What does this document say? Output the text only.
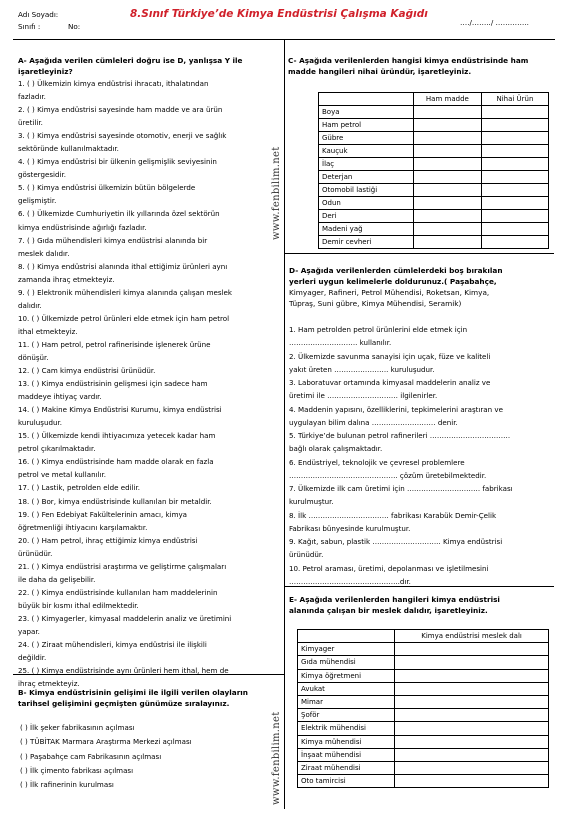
Adı Soyadı:
Sınıfı :	No:
8.Sınıf Türkiye’de Kimya Endüstrisi Çalışma Kağıdı
…./……../ …………..
www.fenbilim.net
www.fenbilim.net
A- Aşağıda verilen cümleleri doğru ise D, yanlışsa Y ile
işaretleyiniz?
1. ( ) Ülkemizin kimya endüstrisi ihracatı, ithalatından
fazladır.
2. ( ) Kimya endüstrisi sayesinde ham madde ve ara ürün
üretilir.
3. ( ) Kimya endüstrisi sayesinde otomotiv, enerji ve sağlık
sektöründe kullanılmaktadır.
4. ( ) Kimya endüstrisi bir ülkenin gelişmişlik seviyesinin
göstergesidir.
5. ( ) Kimya endüstrisi ülkemizin bütün bölgelerde
gelişmiştir.
6. ( ) Ülkemizde Cumhuriyetin ilk yıllarında özel sektörün
kimya endüstrisinde ağırlığı fazladır.
7. ( ) Gıda mühendisleri kimya endüstrisi alanında bir
meslek dalıdır.
8. ( ) Kimya endüstrisi alanında ithal ettiğimiz ürünleri aynı
zamanda ihraç etmekteyiz.
9. ( ) Elektronik mühendisleri kimya alanında çalışan meslek
dalıdır.
10. ( ) Ülkemizde petrol ürünleri elde etmek için ham petrol
ithal etmekteyiz.
11. ( ) Ham petrol, petrol rafinerisinde işlenerek ürüne
dönüşür.
12. ( ) Cam kimya endüstrisi ürünüdür.
13. ( ) Kimya endüstrisinin gelişmesi için sadece ham
maddeye ihtiyaç vardır.
14. ( ) Makine Kimya Endüstrisi Kurumu, kimya endüstrisi
kuruluşudur.
15. ( ) Ülkemizde kendi ihtiyacımıza yetecek kadar ham
petrol çıkarılmaktadır.
16. ( ) Kimya endüstrisinde ham madde olarak en fazla
petrol ve metal kullanılır.
17. ( ) Lastik, petrolden elde edilir.
18. ( ) Bor, kimya endüstrisinde kullanılan bir metaldir.
19. ( ) Fen Edebiyat Fakültelerinin amacı, kimya
öğretmenliği ihtiyacını karşılamaktır.
20. ( ) Ham petrol, ihraç ettiğimiz kimya endüstrisi
ürünüdür.
21. ( ) Kimya endüstrisi araştırma ve geliştirme çalışmaları
ile daha da gelişebilir.
22. ( ) Kimya endüstrisinde kullanılan ham maddelerinin
büyük bir kısmı ithal edilmektedir.
23. ( ) Kimyagerler, kimyasal maddelerin analiz ve üretimini
yapar.
24. ( ) Ziraat mühendisleri, kimya endüstrisi ile ilişkili
değildir.
25. ( ) Kimya endüstrisinde aynı ürünleri hem ithal, hem de
ihraç etmekteyiz.
B- Kimya endüstrisinin gelişimi ile ilgili verilen olayların
tarihsel gelişimini geçmişten günümüze sıralayınız.
( ) İlk şeker fabrikasının açılması
( ) TÜBİTAK Marmara Araştırma Merkezi açılması
( ) Paşabahçe cam Fabrikasının açılması
( ) İlk çimento fabrikası açılması
( ) İlk rafinerinin kurulması
C- Aşağıda verilenlerden hangisi kimya endüstrisinde ham
madde hangileri nihai üründür, işaretleyiniz.
	Ham madde	Nihai Ürün
Boya		
Ham petrol		
Gübre		
Kauçuk		
İlaç		
Deterjan		
Otomobil lastiği		
Odun		
Deri		
Madeni yağ		
Demir cevheri		
D- Aşağıda verilenlerden cümlelerdeki boş bırakılan
yerleri uygun kelimelerle doldurunuz.( Paşabahçe,
Kimyager, Rafineri, Petrol Mühendisi, Roketsan, Kimya,
Tüpraş, Suni gübre, Kimya Mühendisi, Seramik)
1. Ham petrolden petrol ürünlerini elde etmek için
……………………….. kullanılır.
2. Ülkemizde savunma sanayisi için uçak, füze ve kaliteli
yakıt üreten ………………….. kuruluşudur.
3. Laboratuvar ortamında kimyasal maddelerin analiz ve
üretimi ile ………………………… ilgilenirler.
4. Maddenin yapısını, özelliklerini, tepkimelerini araştıran ve
uygulayan bilim dalına ……………………… denir.
5. Türkiye’de bulunan petrol rafinerileri …………………………….
bağlı olarak çalışmaktadır.
6. Endüstriyel, teknolojik ve çevresel problemlere
………………………………………. çözüm üretebilmektedir.
7. Ülkemizde ilk cam üretimi için …………………………. fabrikası
kurulmuştur.
8. İlk ……………………………. fabrikası Karabük Demir-Çelik
Fabrikası bünyesinde kurulmuştur.
9. Kağıt, sabun, plastik ……………………….. Kimya endüstrisi
ürünüdür.
10. Petrol araması, üretimi, depolanması ve işletilmesini
………………………………………..dır.
E- Aşağıda verilenlerden hangileri kimya endüstrisi
alanında çalışan bir meslek dalıdır, işaretleyiniz.
	Kimya endüstrisi meslek dalı
Kimyager	
Gıda mühendisi	
Kimya öğretmeni	
Avukat	
Mimar	
Şoför	
Elektrik mühendisi	
Kimya mühendisi	
İnşaat mühendisi	
Ziraat mühendisi	
Oto tamircisi	
